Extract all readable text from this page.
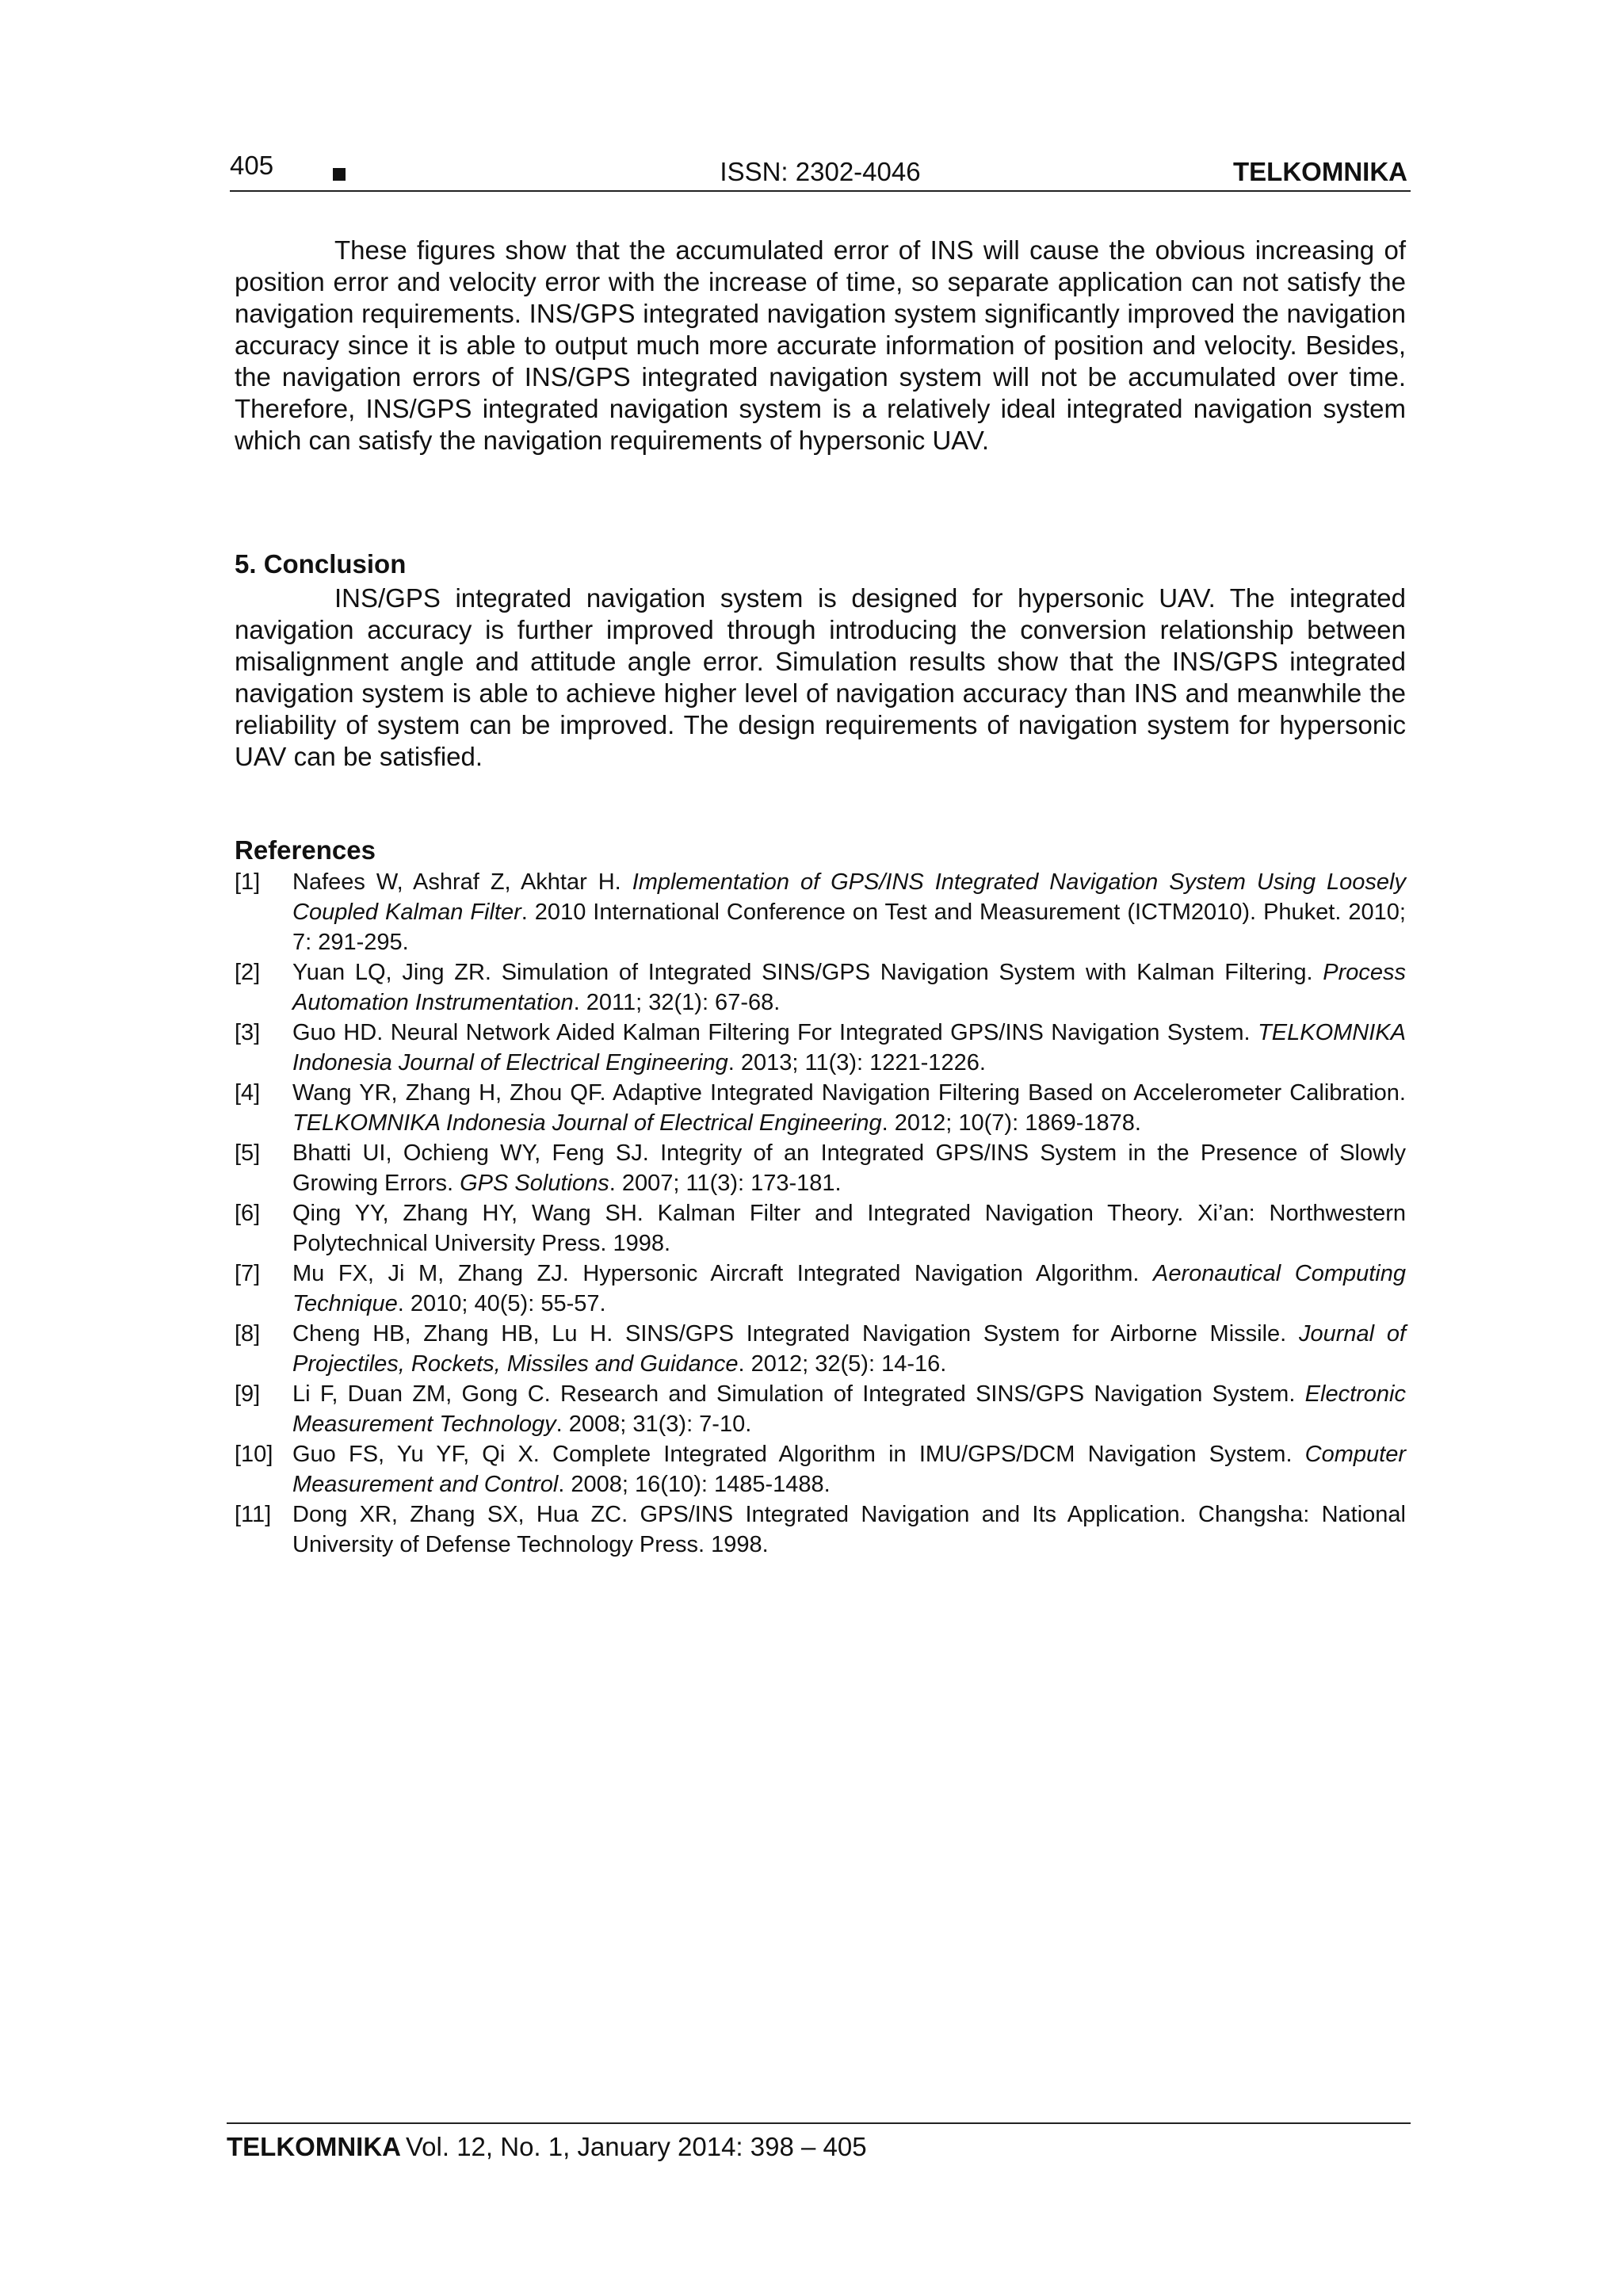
405	ISSN: 2302-4046	TELKOMNIKA

These figures show that the accumulated error of INS will cause the obvious increasing of position error and velocity error with the increase of time, so separate application can not satisfy the navigation requirements. INS/GPS integrated navigation system significantly improved the navigation accuracy since it is able to output much more accurate information of position and velocity. Besides, the navigation errors of INS/GPS integrated navigation system will not be accumulated over time. Therefore, INS/GPS integrated navigation system is a relatively ideal integrated navigation system which can satisfy the navigation requirements of hypersonic UAV.

5. Conclusion

INS/GPS integrated navigation system is designed for hypersonic UAV. The integrated navigation accuracy is further improved through introducing the conversion relationship between misalignment angle and attitude angle error. Simulation results show that the INS/GPS integrated navigation system is able to achieve higher level of navigation accuracy than INS and meanwhile the reliability of system can be improved. The design requirements of navigation system for hypersonic UAV can be satisfied.

References
[1] Nafees W, Ashraf Z, Akhtar H. Implementation of GPS/INS Integrated Navigation System Using Loosely Coupled Kalman Filter. 2010 International Conference on Test and Measurement (ICTM2010). Phuket. 2010; 7: 291-295.
[2] Yuan LQ, Jing ZR. Simulation of Integrated SINS/GPS Navigation System with Kalman Filtering. Process Automation Instrumentation. 2011; 32(1): 67-68.
[3] Guo HD. Neural Network Aided Kalman Filtering For Integrated GPS/INS Navigation System. TELKOMNIKA Indonesia Journal of Electrical Engineering. 2013; 11(3): 1221-1226.
[4] Wang YR, Zhang H, Zhou QF. Adaptive Integrated Navigation Filtering Based on Accelerometer Calibration. TELKOMNIKA Indonesia Journal of Electrical Engineering. 2012; 10(7): 1869-1878.
[5] Bhatti UI, Ochieng WY, Feng SJ. Integrity of an Integrated GPS/INS System in the Presence of Slowly Growing Errors. GPS Solutions. 2007; 11(3): 173-181.
[6] Qing YY, Zhang HY, Wang SH. Kalman Filter and Integrated Navigation Theory. Xi’an: Northwestern Polytechnical University Press. 1998.
[7] Mu FX, Ji M, Zhang ZJ. Hypersonic Aircraft Integrated Navigation Algorithm. Aeronautical Computing Technique. 2010; 40(5): 55-57.
[8] Cheng HB, Zhang HB, Lu H. SINS/GPS Integrated Navigation System for Airborne Missile. Journal of Projectiles, Rockets, Missiles and Guidance. 2012; 32(5): 14-16.
[9] Li F, Duan ZM, Gong C. Research and Simulation of Integrated SINS/GPS Navigation System. Electronic Measurement Technology. 2008; 31(3): 7-10.
[10] Guo FS, Yu YF, Qi X. Complete Integrated Algorithm in IMU/GPS/DCM Navigation System. Computer Measurement and Control. 2008; 16(10): 1485-1488.
[11] Dong XR, Zhang SX, Hua ZC. GPS/INS Integrated Navigation and Its Application. Changsha: National University of Defense Technology Press. 1998.
TELKOMNIKA Vol. 12, No. 1, January 2014: 398 – 405
